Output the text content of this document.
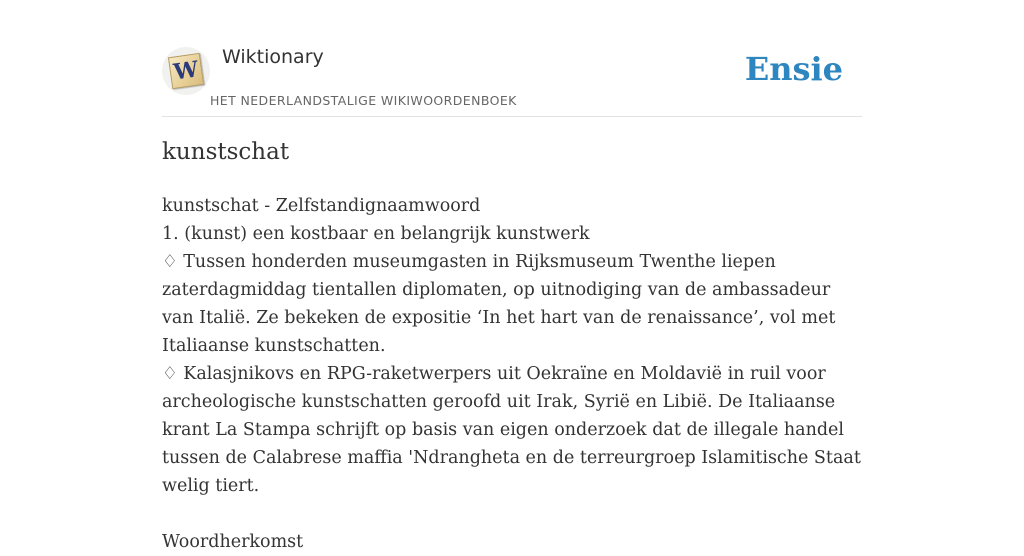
W Wiktionary
HET NEDERLANDSTALIGE WIKIWOORDENBOEK
Ensie
kunstschat

kunstschat - Zelfstandignaamwoord

1. (kunst) een kostbaar en belangrijk kunstwerk

♢ Tussen honderden museumgasten in Rijksmuseum Twenthe liepen zaterdagmiddag tientallen diplomaten, op uitnodiging van de ambassadeur van Italië. Ze bekeken de expositie ‘In het hart van de renaissance’, vol met Italiaanse kunstschatten.

♢ Kalasjnikovs en RPG-raketwerpers uit Oekraïne en Moldavië in ruil voor archeologische kunstschatten geroofd uit Irak, Syrië en Libië. De Italiaanse krant La Stampa schrijft op basis van eigen onderzoek dat de illegale handel tussen de Calabrese maffia 'Ndrangheta en de terreurgroep Islamitische Staat welig tiert.

Woordherkomst
